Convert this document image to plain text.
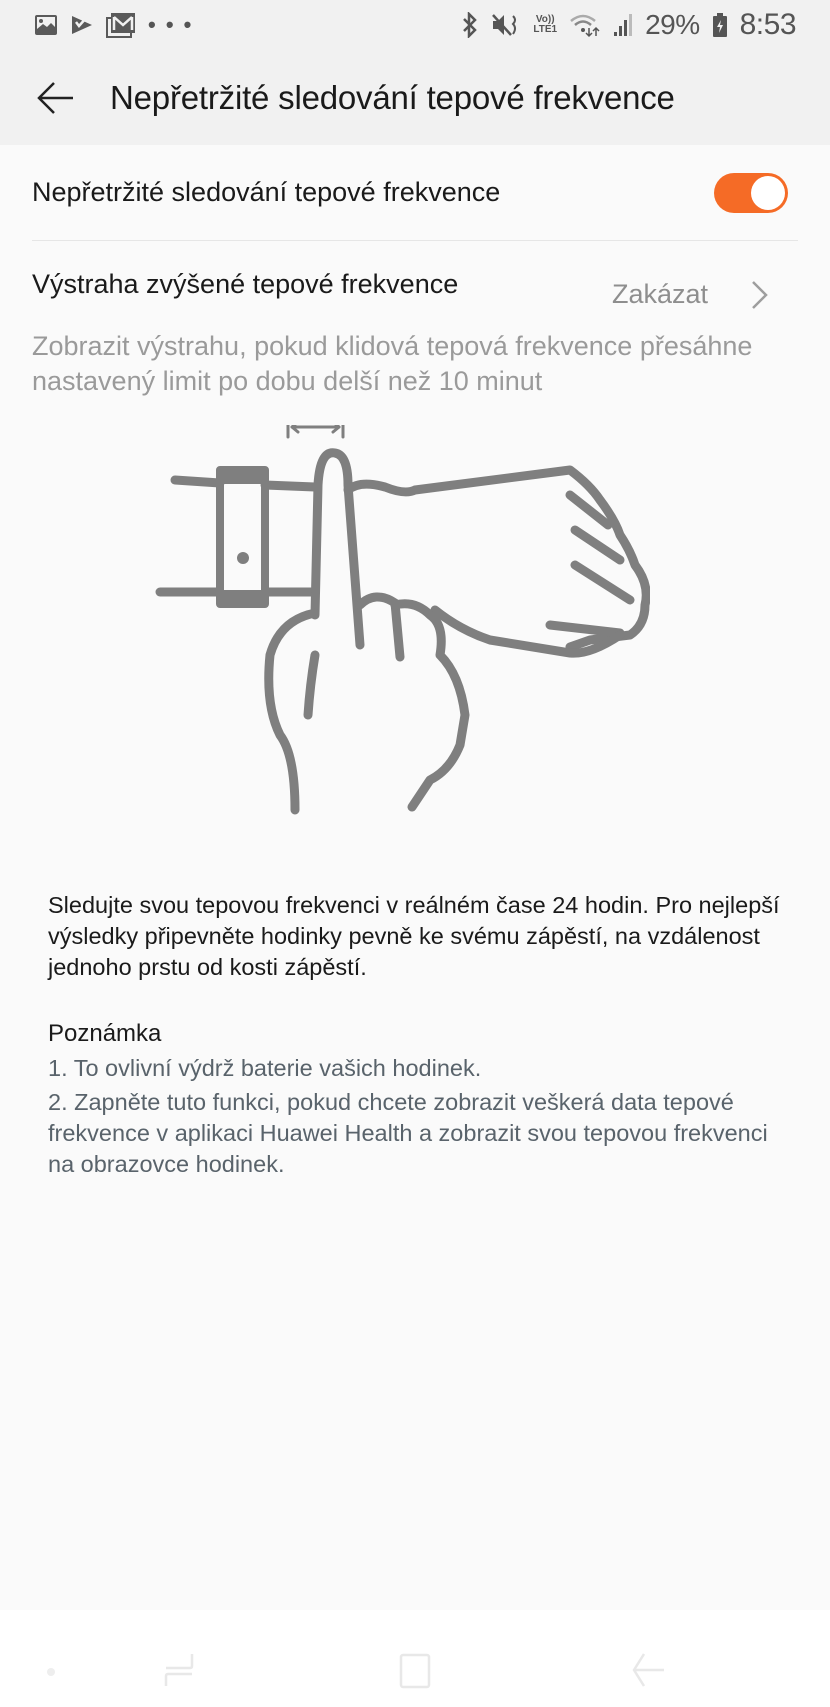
• • •	Vo))
LTE1	29% 8:53
Nepřetržité sledování tepové frekvence
Nepřetržité sledování tepové frekvence
Výstraha zvýšené tepové frekvence	Zakázat
Zobrazit výstrahu, pokud klidová tepová frekvence přesáhne nastavený limit po dobu delší než 10 minut
Sledujte svou tepovou frekvenci v reálném čase 24 hodin. Pro nejlepší výsledky připevněte hodinky pevně ke svému zápěstí, na vzdálenost jednoho prstu od kosti zápěstí.
Poznámka
1. To ovlivní výdrž baterie vašich hodinek.
2. Zapněte tuto funkci, pokud chcete zobrazit veškerá data tepové frekvence v aplikaci Huawei Health a zobrazit svou tepovou frekvenci na obrazovce hodinek.
